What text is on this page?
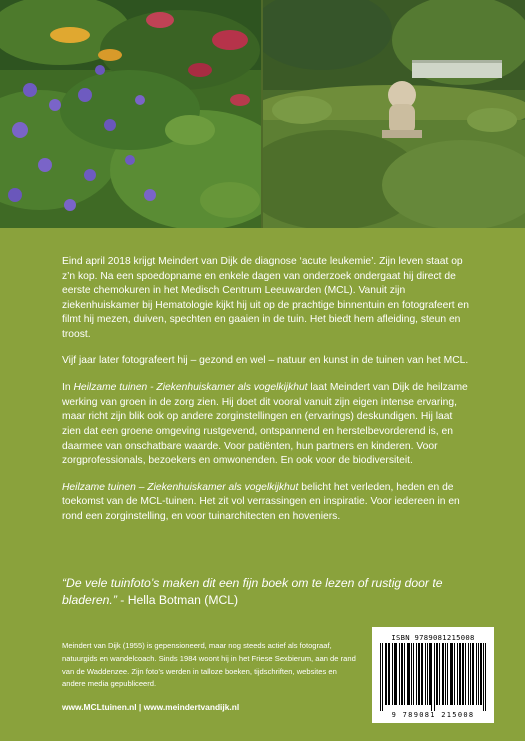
Eind april 2018 krijgt Meindert van Dijk de diagnose ‘acute leukemie’. Zijn leven staat op z’n kop. Na een spoedopname en enkele dagen van onderzoek ondergaat hij direct de eerste chemokuren in het Medisch Centrum Leeuwarden (MCL). Vanuit zijn ziekenhuiskamer bij Hematologie kijkt hij uit op de prachtige binnentuin en fotografeert en filmt hij mezen, duiven, spechten en gaaien in de tuin. Het biedt hem afleiding, steun en troost.

Vijf jaar later fotografeert hij – gezond en wel – natuur en kunst in de tuinen van het MCL.

In Heilzame tuinen - Ziekenhuiskamer als vogelkijkhut laat Meindert van Dijk de heilzame werking van groen in de zorg zien. Hij doet dit vooral vanuit zijn eigen intense ervaring, maar richt zijn blik ook op andere zorginstellingen en (ervarings) deskundigen. Hij laat zien dat een groene omgeving rustgevend, ontspannend en herstelbevorderend is, en daarmee van onschatbare waarde. Voor patiënten, hun partners en kinderen. Voor zorgprofessionals, bezoekers en omwonenden. En ook voor de biodiversiteit.

Heilzame tuinen – Ziekenhuiskamer als vogelkijkhut belicht het verleden, heden en de toekomst van de MCL-tuinen. Het zit vol verrassingen en inspiratie. Voor iedereen in en rond een zorginstelling, en voor tuinarchitecten en hoveniers.

“De vele tuinfoto’s maken dit een fijn boek om te lezen of rustig door te bladeren.” - Hella Botman (MCL)
Meindert van Dijk (1955) is gepensioneerd, maar nog steeds actief als fotograaf, natuurgids en wandelcoach. Sinds 1984 woont hij in het Friese Sexbierum, aan de rand van de Waddenzee. Zijn foto’s werden in talloze boeken, tijdschriften, websites en andere media gepubliceerd.
www.MCLtuinen.nl | www.meindertvandijk.nl
ISBN 9789081215008
9 789081 215008
